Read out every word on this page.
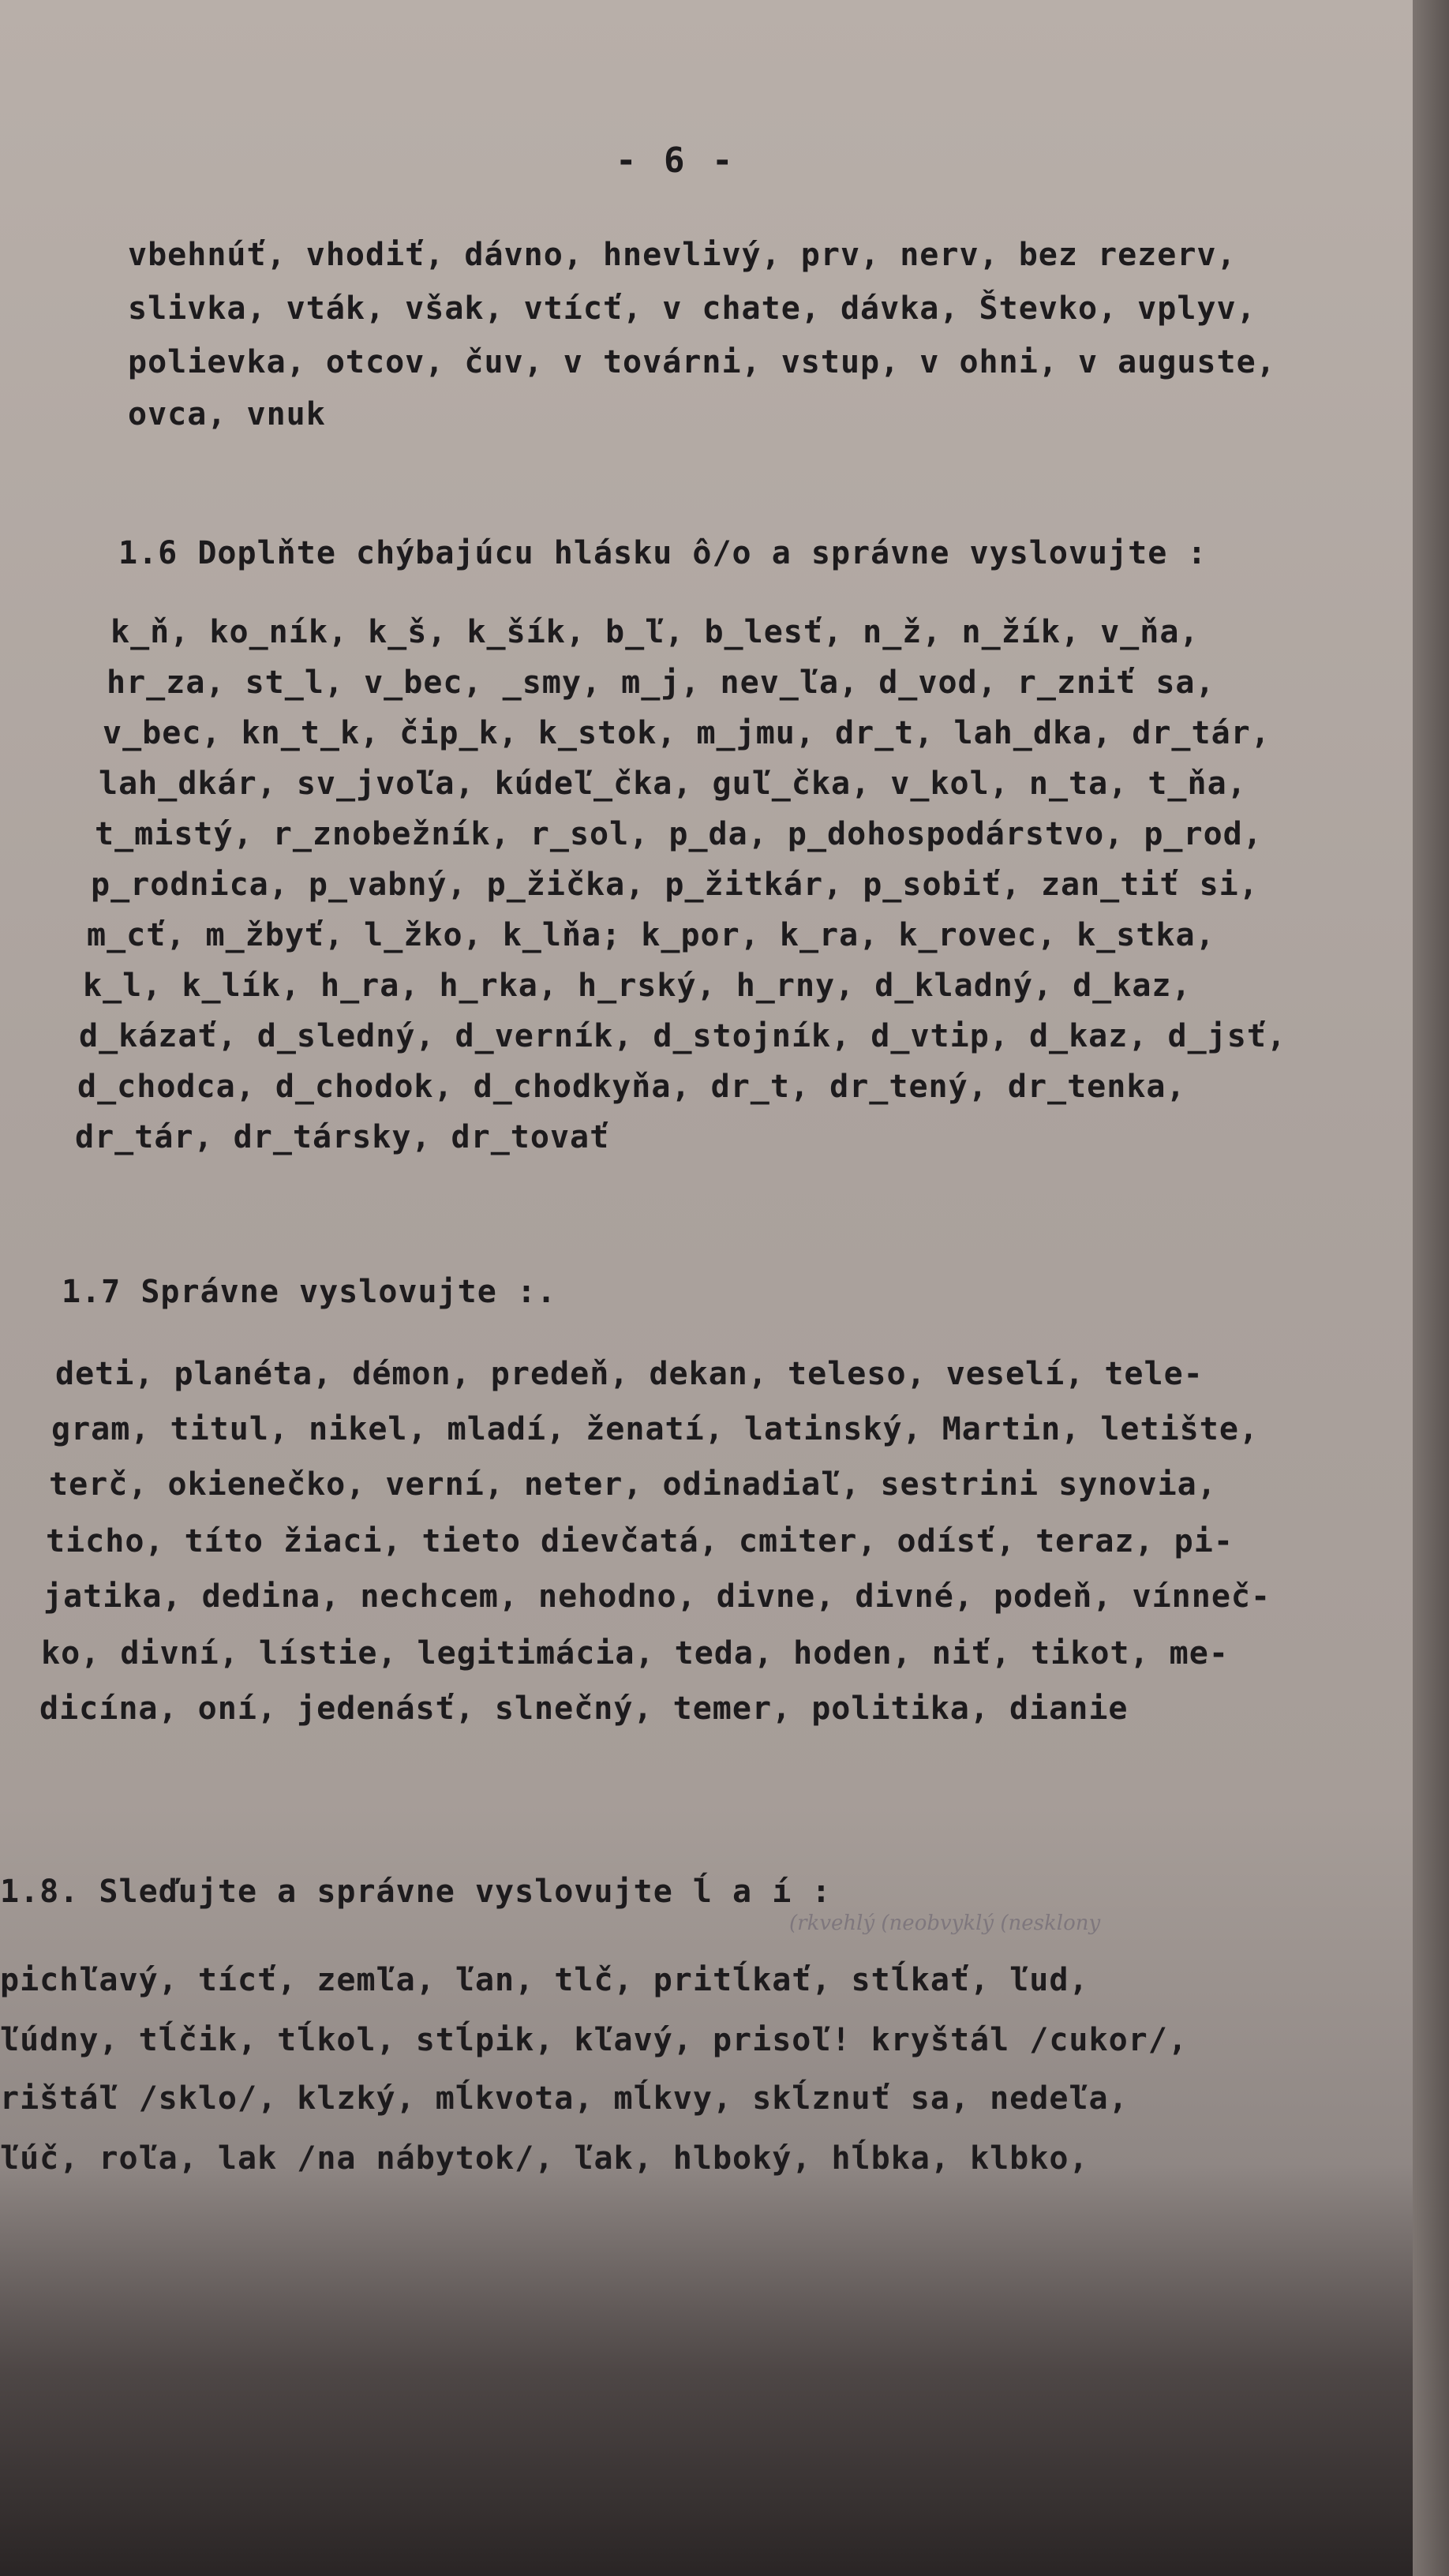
- 6 -
vbehnúť, vhodiť, dávno, hnevlivý, prv, nerv, bez rezerv,
slivka, vták, však, vtícť, v chate, dávka, Števko, vplyv,
polievka, otcov, čuv, v továrni, vstup, v ohni, v auguste,
ovca, vnuk
1.6 Doplňte chýbajúcu hlásku ô/o a správne vyslovujte :
k_ň, ko_ník, k_š, k_šík, b_ľ, b_lesť, n_ž, n_žík, v_ňa,
hr_za, st_l, v_bec, _smy, m_j, nev_ľa, d_vod, r_zniť sa,
v_bec, kn_t_k, čip_k, k_stok, m_jmu, dr_t, lah_dka, dr_tár,
lah_dkár, sv_jvoľa, kúdeľ_čka, guľ_čka, v_kol, n_ta, t_ňa,
t_mistý, r_znobežník, r_sol, p_da, p_dohospodárstvo, p_rod,
p_rodnica, p_vabný, p_žička, p_žitkár, p_sobiť, zan_tiť si,
m_cť, m_žbyť, l_žko, k_lňa; k_por, k_ra, k_rovec, k_stka,
k_l, k_lík, h_ra, h_rka, h_rský, h_rny, d_kladný, d_kaz,
d_kázať, d_sledný, d_verník, d_stojník, d_vtip, d_kaz, d_jsť,
d_chodca, d_chodok, d_chodkyňa, dr_t, dr_tený, dr_tenka,
dr_tár, dr_társky, dr_tovať
1.7 Správne vyslovujte :.
deti, planéta, démon, predeň, dekan, teleso, veselí, tele-
gram, titul, nikel, mladí, ženatí, latinský, Martin, letište,
terč, okienečko, verní, neter, odinadiaľ, sestrini synovia,
ticho, títo žiaci, tieto dievčatá, cmiter, odísť, teraz, pi-
jatika, dedina, nechcem, nehodno, divne, divné, podeň, vínneč-
ko, divní, lístie, legitimácia, teda, hoden, niť, tikot, me-
dicína, oní, jedenásť, slnečný, temer, politika, dianie
1.8. Sleďujte a správne vyslovujte ĺ a í :
(rkvehlý (neobvyklý (nesklony
pichľavý, tícť, zemľa, ľan, tlč, pritĺkať, stĺkať, ľud,
ľúdny, tĺčik, tĺkol, stĺpik, kľavý, prisoľ! kryštál /cukor/,
rištáľ /sklo/, klzký, mĺkvota, mĺkvy, skĺznuť sa, nedeľa,
ľúč, roľa, lak /na nábytok/, ľak, hlboký, hĺbka, klbko,
